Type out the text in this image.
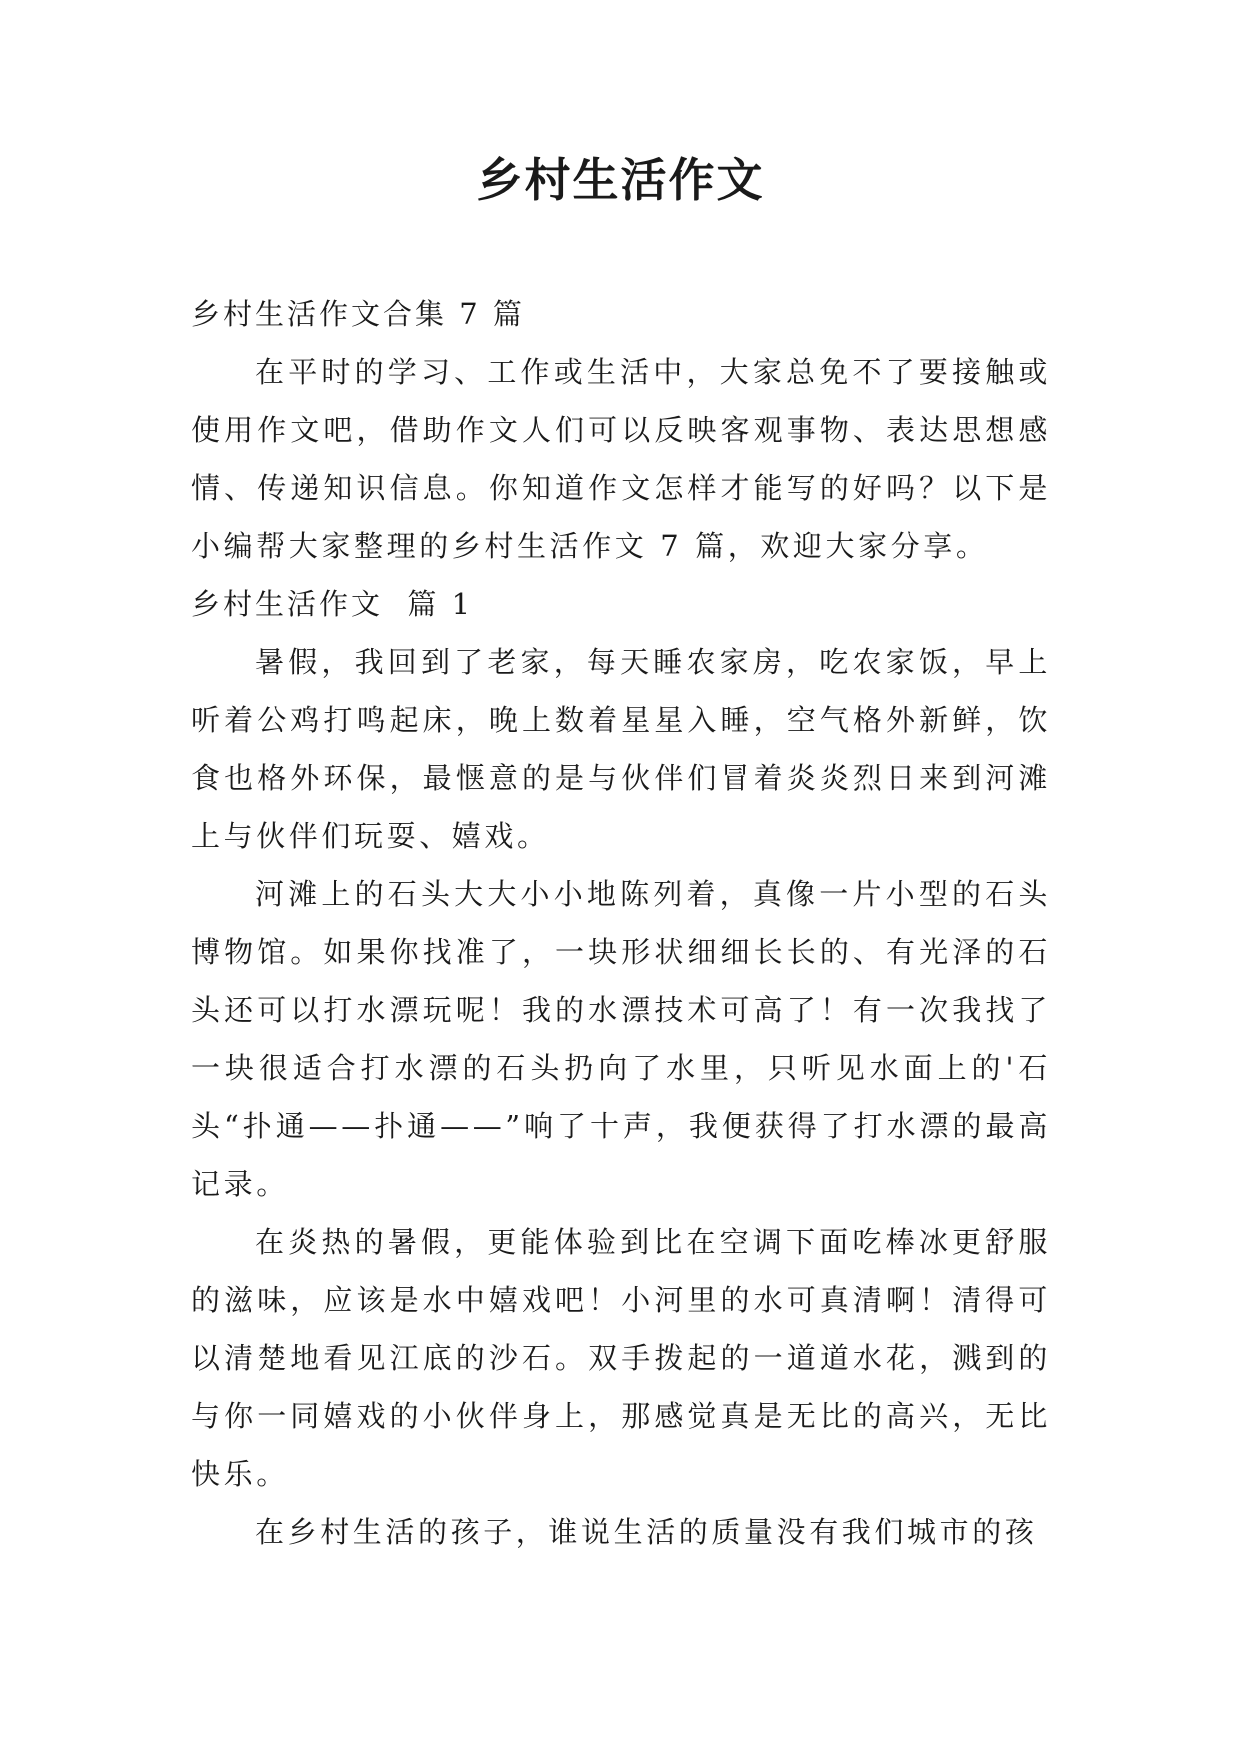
乡村生活作文

乡村生活作文合集 7 篇

在平时的学习、工作或生活中，大家总免不了要接触或使用作文吧，借助作文人们可以反映客观事物、表达思想感情、传递知识信息。你知道作文怎样才能写的好吗？以下是小编帮大家整理的乡村生活作文 7 篇，欢迎大家分享。

乡村生活作文  篇 1

暑假，我回到了老家，每天睡农家房，吃农家饭，早上听着公鸡打鸣起床，晚上数着星星入睡，空气格外新鲜，饮食也格外环保，最惬意的是与伙伴们冒着炎炎烈日来到河滩上与伙伴们玩耍、嬉戏。

河滩上的石头大大小小地陈列着，真像一片小型的石头博物馆。如果你找准了，一块形状细细长长的、有光泽的石头还可以打水漂玩呢！我的水漂技术可高了！有一次我找了一块很适合打水漂的石头扔向了水里，只听见水面上的'石头“扑通——扑通——”响了十声，我便获得了打水漂的最高记录。

在炎热的暑假，更能体验到比在空调下面吃棒冰更舒服的滋味，应该是水中嬉戏吧！小河里的水可真清啊！清得可以清楚地看见江底的沙石。双手拨起的一道道水花，溅到的与你一同嬉戏的小伙伴身上，那感觉真是无比的高兴，无比快乐。

在乡村生活的孩子，谁说生活的质量没有我们城市的孩
